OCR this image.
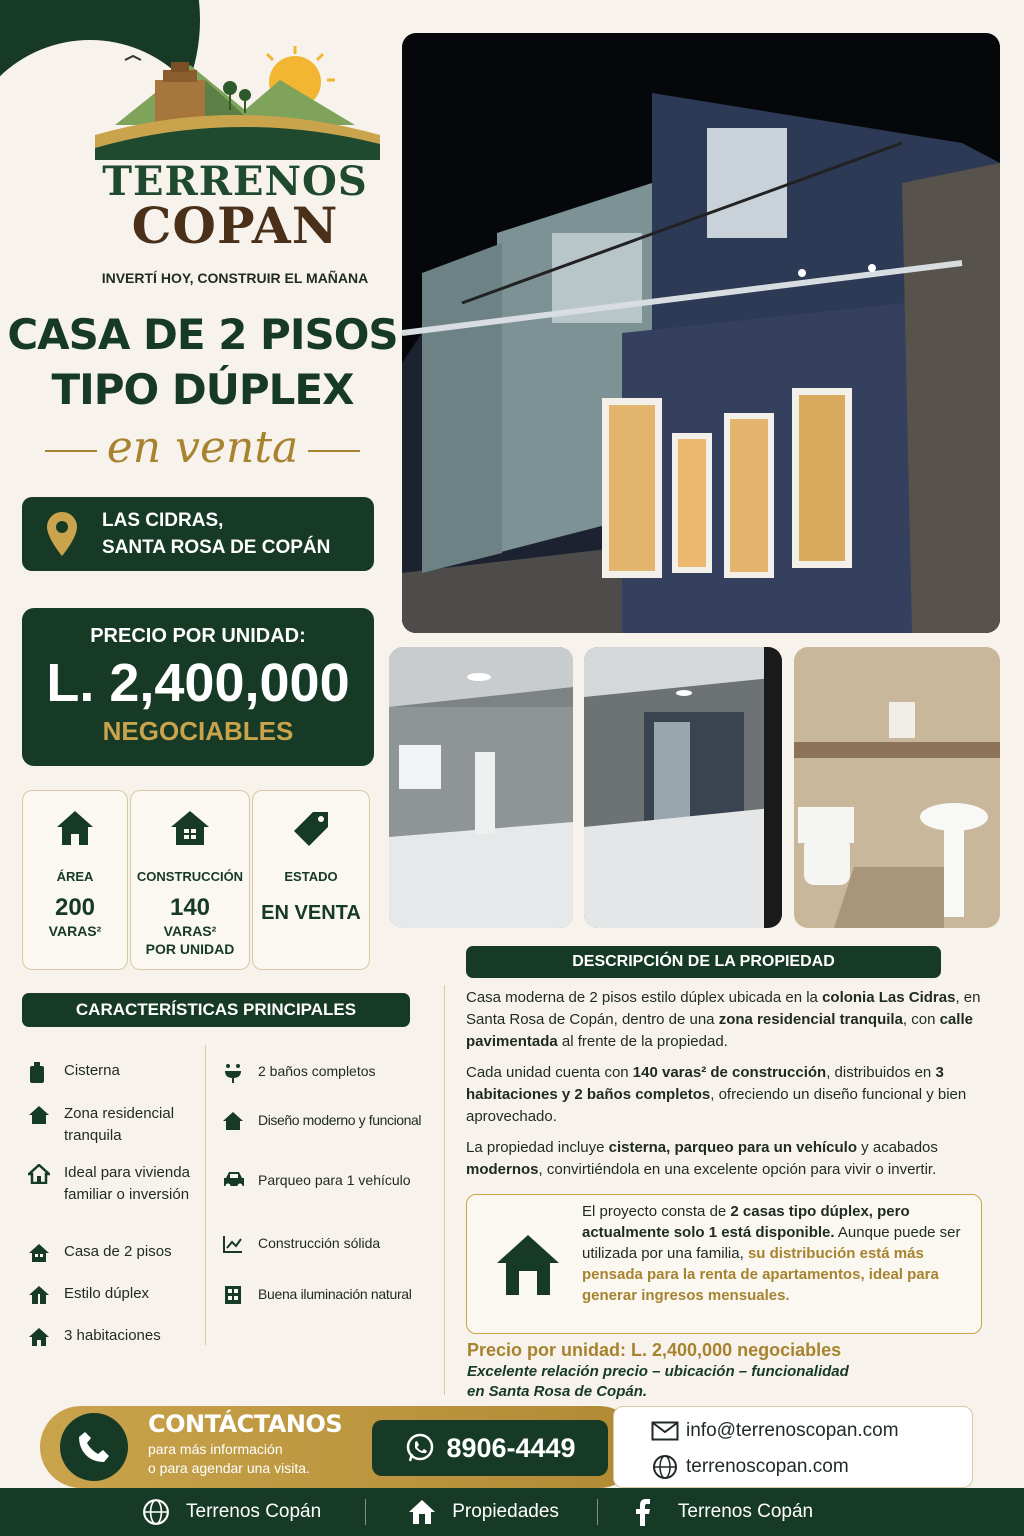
TERRENOS
COPAN
INVERTÍ HOY, CONSTRUIR EL MAÑANA
CASA DE 2 PISOS
TIPO DÚPLEX
en venta
LAS CIDRAS,
SANTA ROSA DE COPÁN
PRECIO POR UNIDAD:
L. 2,400,000
NEGOCIABLES
ÁREA
200
VARAS²
CONSTRUCCIÓN
140
VARAS²
POR UNIDAD
ESTADO
EN VENTA
CARACTERÍSTICAS PRINCIPALES
Cisterna
Zona residencial tranquila
Ideal para vivienda familiar o inversión
Casa de 2 pisos
Estilo dúplex
3 habitaciones
2 baños completos
Diseño moderno y funcional
Parqueo para 1 vehículo
Construcción sólida
Buena iluminación natural
DESCRIPCIÓN DE LA PROPIEDAD

Casa moderna de 2 pisos estilo dúplex ubicada en la colonia Las Cidras, en Santa Rosa de Copán, dentro de una zona residencial tranquila, con calle pavimentada al frente de la propiedad.

Cada unidad cuenta con 140 varas² de construcción, distribuidos en 3 habitaciones y 2 baños completos, ofreciendo un diseño funcional y bien aprovechado.

La propiedad incluye cisterna, parqueo para un vehículo y acabados modernos, convirtiéndola en una excelente opción para vivir o invertir.

El proyecto consta de 2 casas tipo dúplex, pero actualmente solo 1 está disponible. Aunque puede ser utilizada por una familia, su distribución está más pensada para la renta de apartamentos, ideal para generar ingresos mensuales.
Precio por unidad: L. 2,400,000 negociables
Excelente relación precio – ubicación – funcionalidad
en Santa Rosa de Copán.
CONTÁCTANOS
para más información
o para agendar una visita.
8906-4449
info@terrenoscopan.com
terrenoscopan.com
Terrenos Copán	Propiedades	Terrenos Copán
